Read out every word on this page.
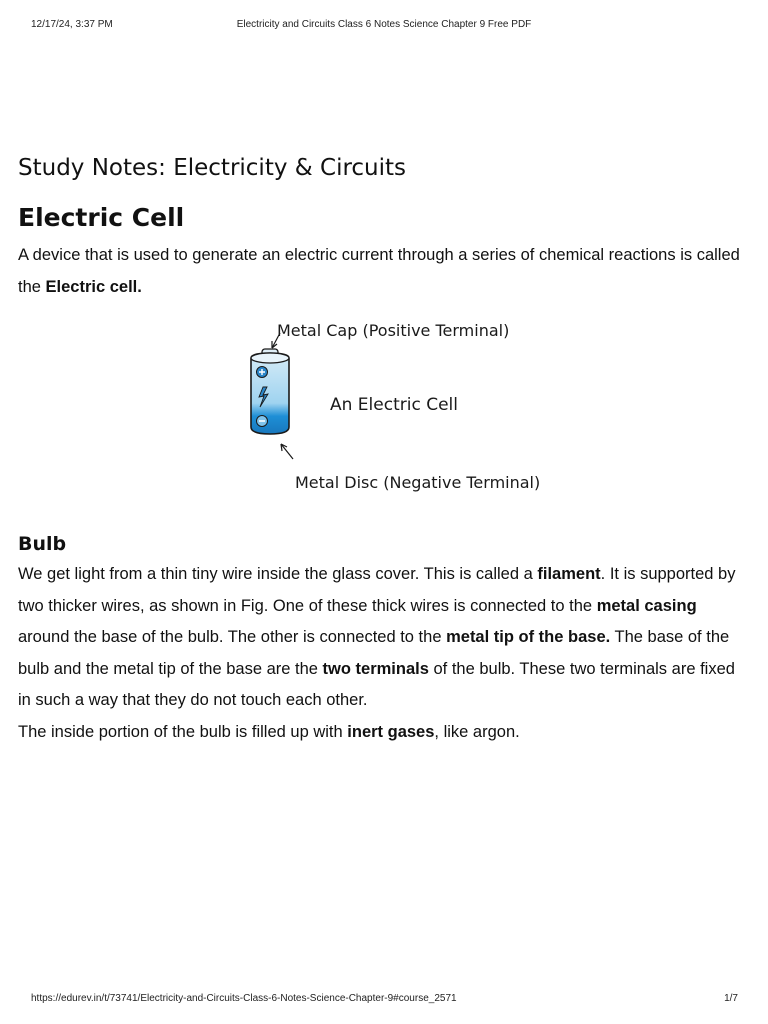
12/17/24, 3:37 PM	Electricity and Circuits Class 6 Notes Science Chapter 9 Free PDF
Study Notes: Electricity & Circuits
Electric Cell

A device that is used to generate an electric current through a series of chemical reactions is called the Electric cell.

Metal Cap (Positive Terminal)
An Electric Cell
Metal Disc (Negative Terminal)
Bulb

We get light from a thin tiny wire inside the glass cover. This is called a filament. It is supported by two thicker wires, as shown in Fig. One of these thick wires is connected to the metal casing around the base of the bulb. The other is connected to the metal tip of the base. The base of the bulb and the metal tip of the base are the two terminals of the bulb. These two terminals are fixed in such a way that they do not touch each other.

The inside portion of the bulb is filled up with inert gases, like argon.

https://edurev.in/t/73741/Electricity-and-Circuits-Class-6-Notes-Science-Chapter-9#course_2571	1/7
